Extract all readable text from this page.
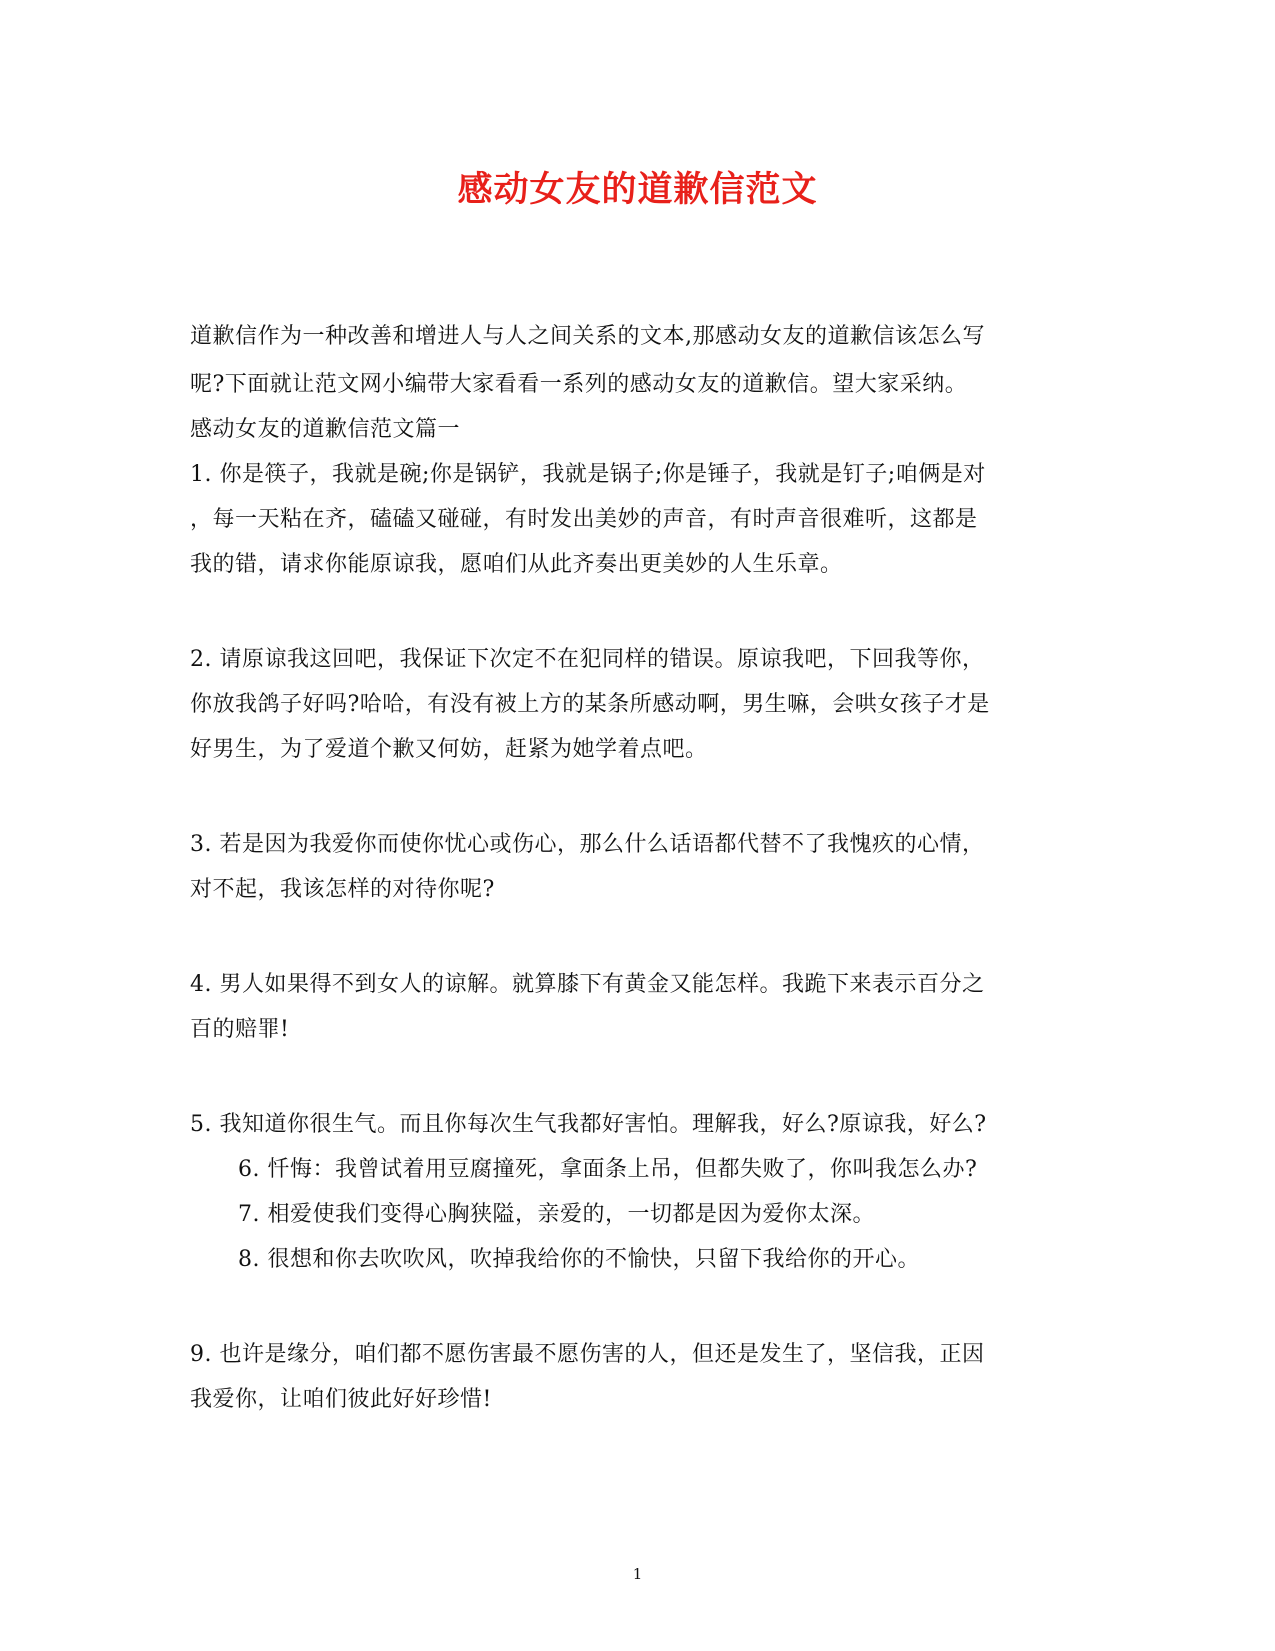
感动女友的道歉信范文
道歉信作为一种改善和增进人与人之间关系的文本,那感动女友的道歉信该怎么写
呢?下面就让范文网小编带大家看看一系列的感动女友的道歉信。望大家采纳。
感动女友的道歉信范文篇一
1. 你是筷子，我就是碗;你是锅铲，我就是锅子;你是锤子，我就是钉子;咱俩是对
，每一天粘在齐，磕磕又碰碰，有时发出美妙的声音，有时声音很难听，这都是
我的错，请求你能原谅我，愿咱们从此齐奏出更美妙的人生乐章。
2. 请原谅我这回吧，我保证下次定不在犯同样的错误。原谅我吧，下回我等你，
你放我鸽子好吗?哈哈，有没有被上方的某条所感动啊，男生嘛，会哄女孩子才是
好男生，为了爱道个歉又何妨，赶紧为她学着点吧。
3. 若是因为我爱你而使你忧心或伤心，那么什么话语都代替不了我愧疚的心情，
对不起，我该怎样的对待你呢?
4. 男人如果得不到女人的谅解。就算膝下有黄金又能怎样。我跪下来表示百分之
百的赔罪!
5. 我知道你很生气。而且你每次生气我都好害怕。理解我，好么?原谅我，好么?
6. 忏悔：我曾试着用豆腐撞死，拿面条上吊，但都失败了，你叫我怎么办?
7. 相爱使我们变得心胸狭隘，亲爱的，一切都是因为爱你太深。
8. 很想和你去吹吹风，吹掉我给你的不愉快，只留下我给你的开心。
9. 也许是缘分，咱们都不愿伤害最不愿伤害的人，但还是发生了，坚信我，正因
我爱你，让咱们彼此好好珍惜!
1
